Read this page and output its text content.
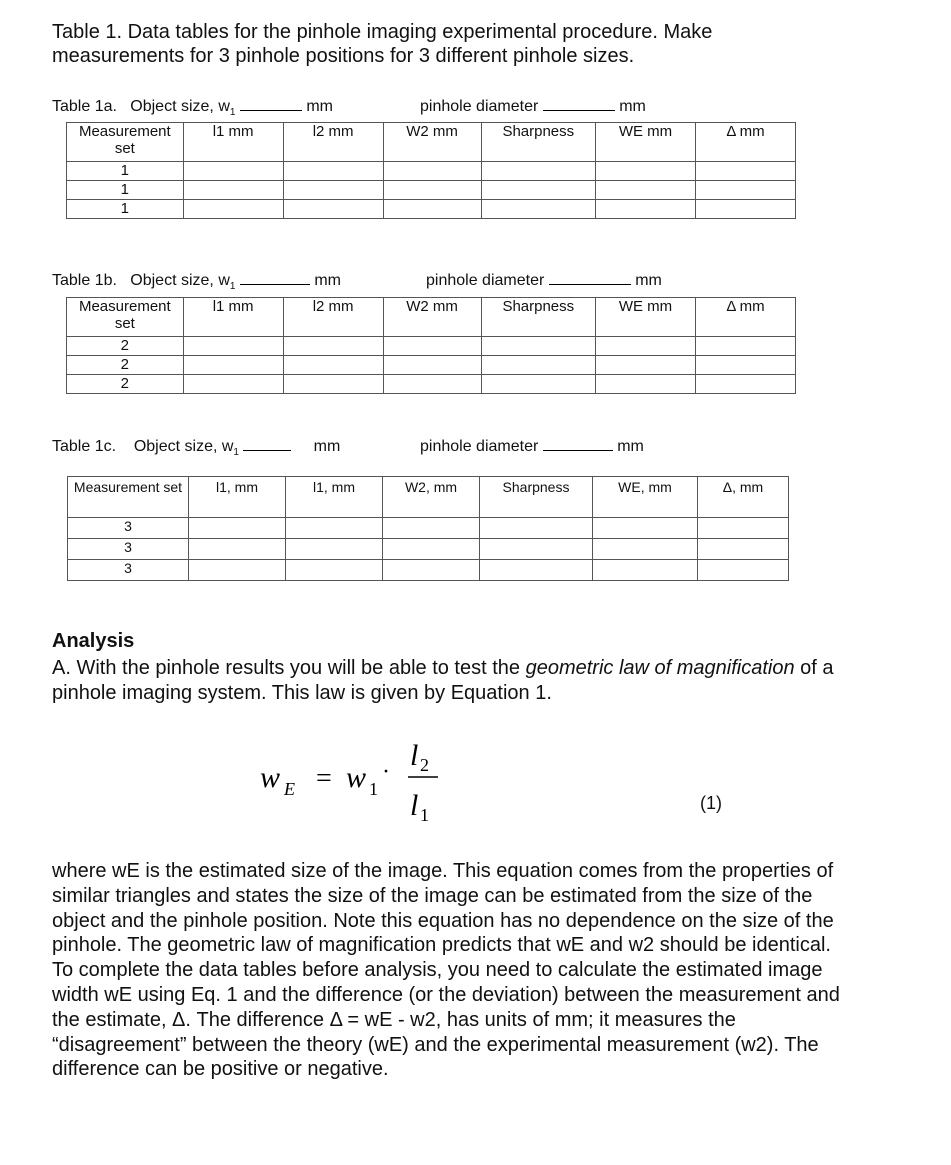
Table 1. Data tables for the pinhole imaging experimental procedure. Make measurements for 3 pinhole positions for 3 different pinhole sizes.
Table 1a. Object size, $w_1$	mm	pinhole diameter	mm
Measurement set	l1 mm	l2 mm	W2 mm	Sharpness	WE mm	Δ mm
1						
1						
1						
Table 1b. Object size, $w_1$	mm	pinhole diameter	mm
Measurement set	l1 mm	l2 mm	W2 mm	Sharpness	WE mm	Δ mm
2						
2						
2						
Table 1c. Object size, $w_1$	mm	pinhole diameter	mm
Measurement set	l1, mm	l1, mm	W2, mm	Sharpness	WE, mm	Δ, mm
3						
3						
3						
Analysis
A. With the pinhole results you will be able to test the geometric law of magnification of a pinhole imaging system. This law is given by Equation 1.
w E = w 1
· l 2
l 1
(1)
where wE is the estimated size of the image. This equation comes from the properties of similar triangles and states the size of the image can be estimated from the size of the object and the pinhole position. Note this equation has no dependence on the size of the pinhole. The geometric law of magnification predicts that wE and w2 should be identical. To complete the data tables before analysis, you need to calculate the estimated image width wE using Eq. 1 and the difference (or the deviation) between the measurement and the estimate, Δ. The difference Δ = wE - w2, has units of mm; it measures the “disagreement” between the theory (wE) and the experimental measurement (w2). The difference can be positive or negative.
